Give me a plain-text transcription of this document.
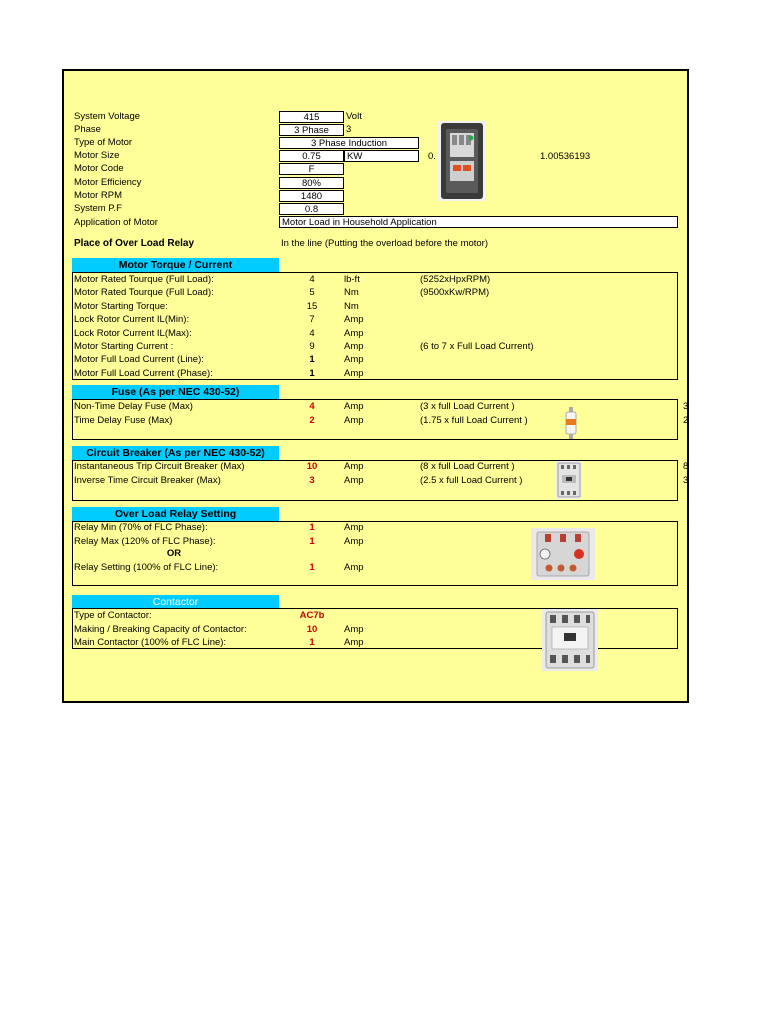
System Voltage	415	Volt
Phase	3 Phase	3
Type of Motor	3 Phase Induction
Motor Size	0.75	KW	0.	1.00536193
Motor Code	F
Motor Efficiency	80%
Motor RPM	1480
System P.F	0.8
Application of Motor	Motor Load in Household Application
Place of Over Load Relay	In the line (Putting the overload before the motor)
Motor Torque / Current
Motor Rated Tourque (Full Load):	4	lb-ft	(5252xHpxRPM)
Motor Rated Tourque (Full Load):	5	Nm	(9500xKw/RPM)
Motor Starting Torque:	15	Nm
Lock Rotor Current IL(Min):	7	Amp
Lock Rotor Current IL(Max):	4	Amp
Motor Starting Current :	9	Amp	(6 to 7 x Full Load Current)
Motor Full Load Current (Line):	1	Amp
Motor Full Load Current (Phase):	1	Amp
Fuse (As per NEC 430-52)
Non-Time Delay Fuse (Max)	4	Amp	(3 x full Load Current )	3
Time Delay Fuse (Max)	2	Amp	(1.75 x full Load Current )	2
Circuit Breaker (As per NEC 430-52)
Instantaneous Trip Circuit Breaker (Max)	10	Amp	(8 x full Load Current )	8
Inverse Time Circuit Breaker (Max)	3	Amp	(2.5 x full Load Current )	3
Over Load Relay Setting
Relay Min (70% of FLC Phase):	1	Amp
Relay Max (120% of FLC Phase):	1	Amp
Relay Setting (100% of FLC Line):	1	Amp
OR
Contactor
Type of Contactor:	AC7b
Making / Breaking Capacity of Contactor:	10	Amp
Main Contactor (100% of FLC Line):	1	Amp
